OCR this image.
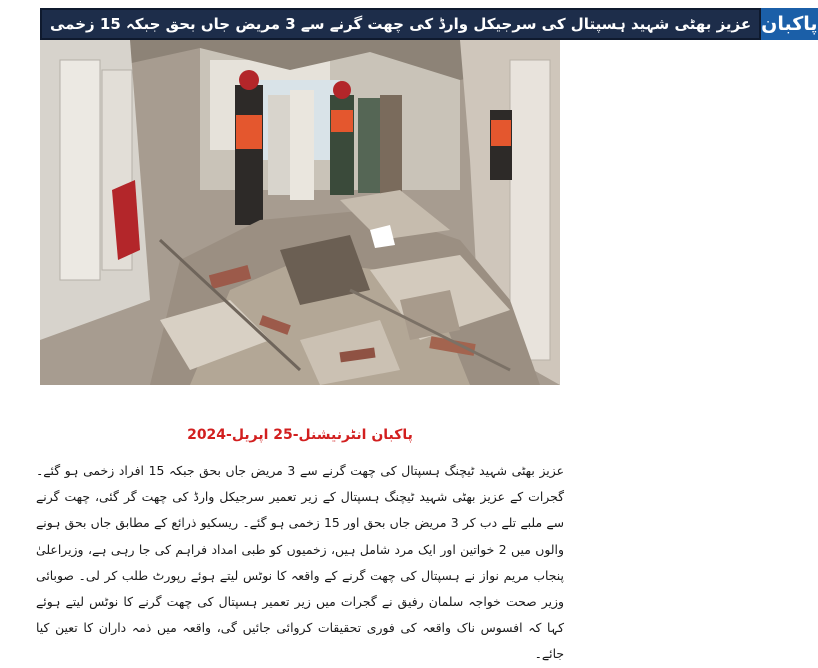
عزیز بھٹی شہید ہسپتال کی سرجیکل وارڈ کی چھت گرنے سے 3 مریض جاں بحق جبکہ 15 زخمی پاکبان
پاکبان انٹرنیشنل-25 اپریل-2024

عزیز بھٹی شہید ٹیچنگ ہسپتال کی چھت گرنے سے 3 مریض جاں بحق جبکہ 15 افراد زخمی ہو گئے۔ گجرات کے عزیز بھٹی شہید ٹیچنگ ہسپتال کے زیر تعمیر سرجیکل وارڈ کی چھت گر گئی، چھت گرنے سے ملبے تلے دب کر 3 مریض جاں بحق اور 15 زخمی ہو گئے۔ ریسکیو ذرائع کے مطابق جاں بحق ہونے والوں میں 2 خواتین اور ایک مرد شامل ہیں، زخمیوں کو طبی امداد فراہم کی جا رہی ہے، وزیراعلیٰ پنجاب مریم نواز نے ہسپتال کی چھت گرنے کے واقعہ کا نوٹس لیتے ہوئے رپورٹ طلب کر لی۔ صوبائی وزیر صحت خواجہ سلمان رفیق نے گجرات میں زیر تعمیر ہسپتال کی چھت گرنے کا نوٹس لیتے ہوئے کہا کہ افسوس ناک واقعہ کی فوری تحقیقات کروائی جائیں گی، واقعہ میں ذمہ داران کا تعین کیا جائے۔
